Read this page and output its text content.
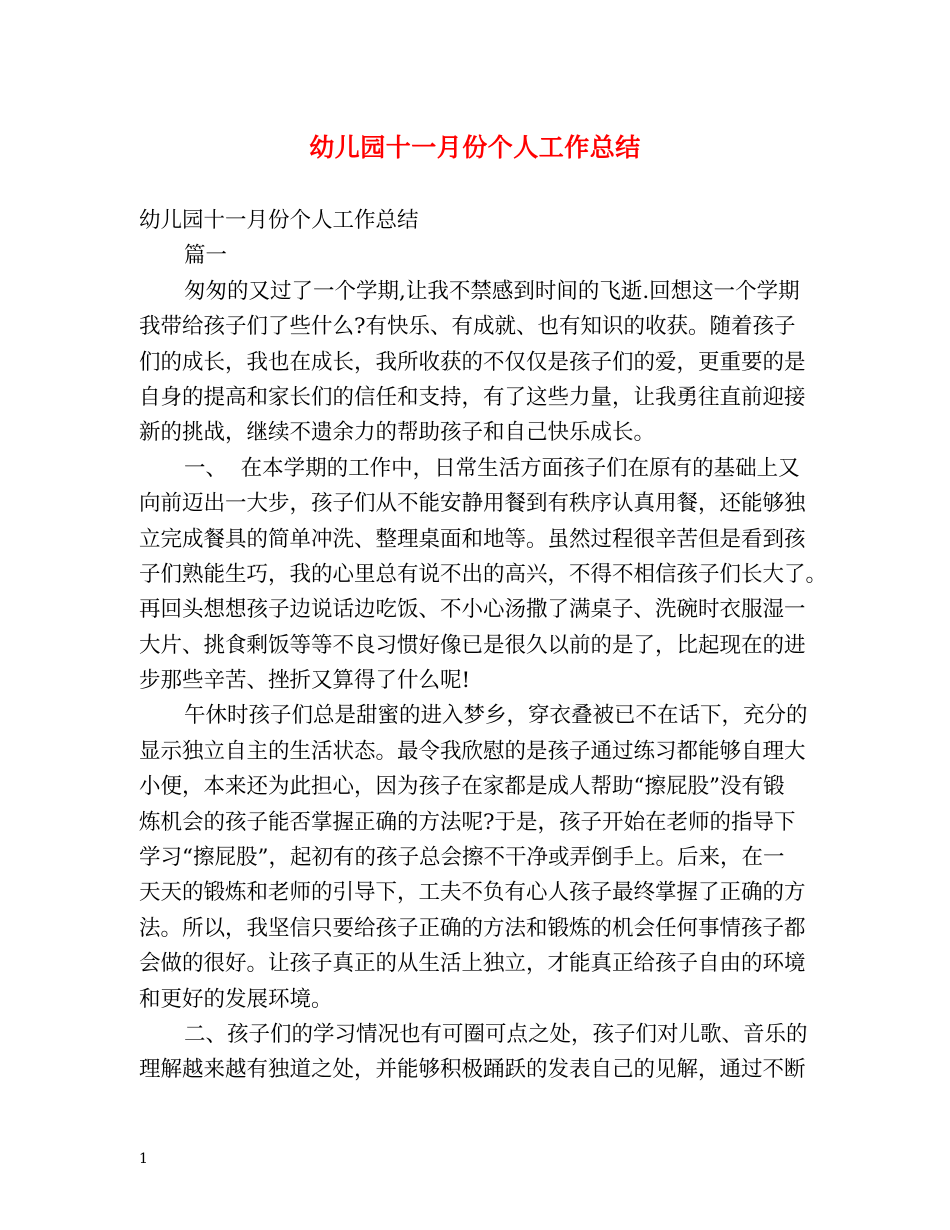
幼儿园十一月份个人工作总结
幼儿园十一月份个人工作总结
篇一
匆匆的又过了一个学期,让我不禁感到时间的飞逝.回想这一个学期
我带给孩子们了些什么?有快乐、有成就、也有知识的收获。随着孩子
们的成长，我也在成长，我所收获的不仅仅是孩子们的爱，更重要的是
自身的提高和家长们的信任和支持，有了这些力量，让我勇往直前迎接
新的挑战，继续不遗余力的帮助孩子和自己快乐成长。
一、  在本学期的工作中，日常生活方面孩子们在原有的基础上又
向前迈出一大步，孩子们从不能安静用餐到有秩序认真用餐，还能够独
立完成餐具的简单冲洗、整理桌面和地等。虽然过程很辛苦但是看到孩
子们熟能生巧，我的心里总有说不出的高兴，不得不相信孩子们长大了。
再回头想想孩子边说话边吃饭、不小心汤撒了满桌子、洗碗时衣服湿一
大片、挑食剩饭等等不良习惯好像已是很久以前的是了，比起现在的进
步那些辛苦、挫折又算得了什么呢!
午休时孩子们总是甜蜜的进入梦乡，穿衣叠被已不在话下，充分的
显示独立自主的生活状态。最令我欣慰的是孩子通过练习都能够自理大
小便，本来还为此担心，因为孩子在家都是成人帮助“擦屁股”没有锻
炼机会的孩子能否掌握正确的方法呢?于是，孩子开始在老师的指导下
学习“擦屁股”，起初有的孩子总会擦不干净或弄倒手上。后来，在一
天天的锻炼和老师的引导下，工夫不负有心人孩子最终掌握了正确的方
法。所以，我坚信只要给孩子正确的方法和锻炼的机会任何事情孩子都
会做的很好。让孩子真正的从生活上独立，才能真正给孩子自由的环境
和更好的发展环境。
二、孩子们的学习情况也有可圈可点之处，孩子们对儿歌、音乐的
理解越来越有独道之处，并能够积极踊跃的发表自己的见解，通过不断
1
